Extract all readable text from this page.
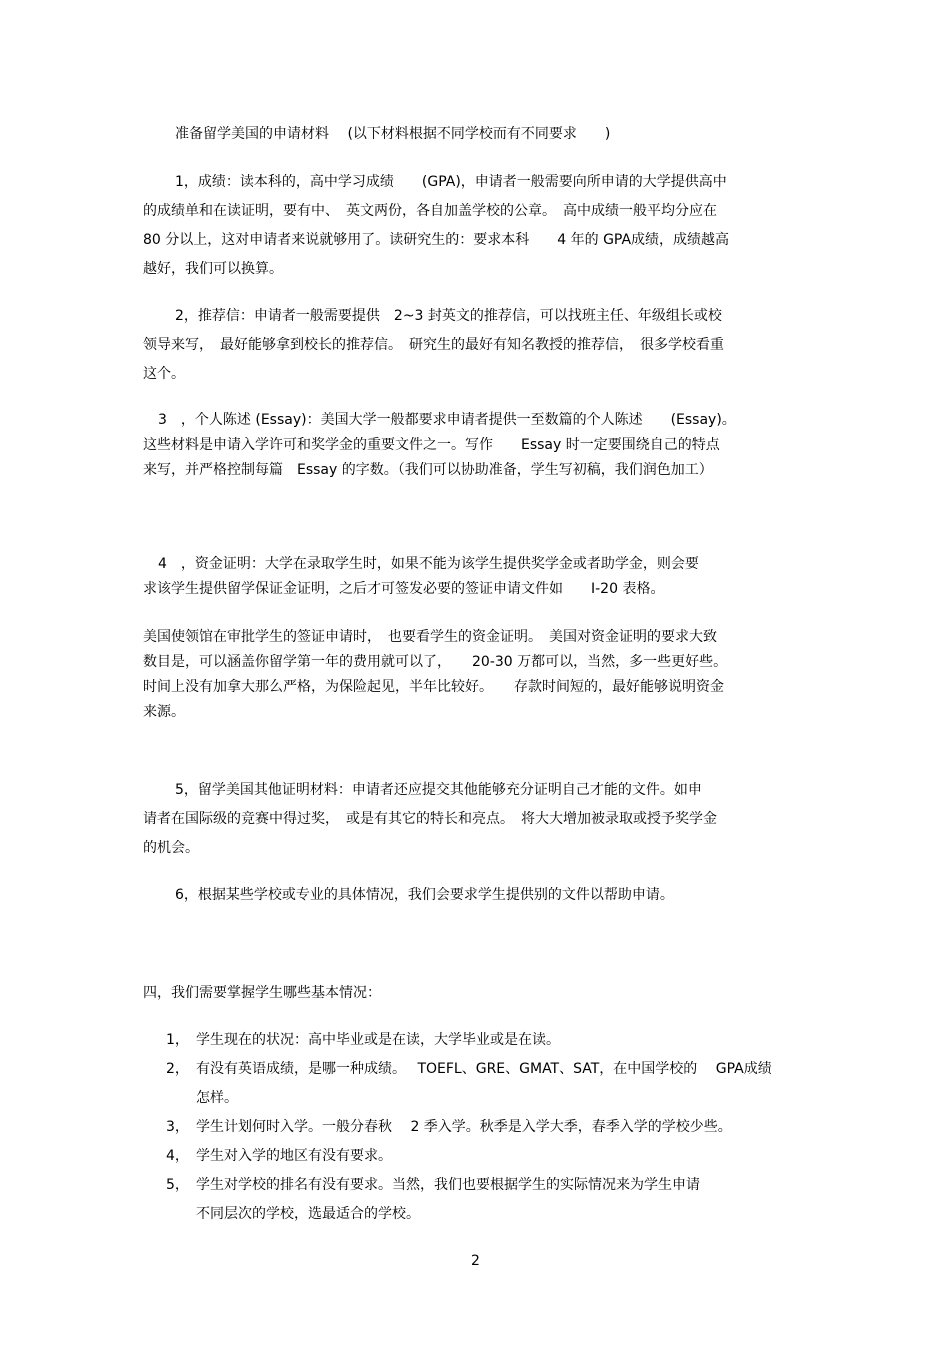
准备留学美国的申请材料　 (以下材料根据不同学校而有不同要求　　)
1，成绩：读本科的，高中学习成绩　　(GPA)，申请者一般需要向所申请的大学提供高中
的成绩单和在读证明，要有中、　英文两份，各自加盖学校的公章。　高中成绩一般平均分应在
80 分以上，这对申请者来说就够用了。读研究生的：要求本科　　4 年的 GPA成绩，成绩越高
越好，我们可以换算。
2，推荐信：申请者一般需要提供　2~3 封英文的推荐信，可以找班主任、年级组长或校
领导来写，　最好能够拿到校长的推荐信。　研究生的最好有知名教授的推荐信，　很多学校看重
这个。
3　，个人陈述 (Essay)：美国大学一般都要求申请者提供一至数篇的个人陈述　　(Essay)。
这些材料是申请入学许可和奖学金的重要文件之一。写作　　Essay 时一定要围绕自己的特点
来写，并严格控制每篇　Essay 的字数。（我们可以协助准备，学生写初稿，我们润色加工）
4　，资金证明：大学在录取学生时，如果不能为该学生提供奖学金或者助学金，则会要
求该学生提供留学保证金证明，之后才可签发必要的签证申请文件如　　I-20 表格。
美国使领馆在审批学生的签证申请时，　也要看学生的资金证明。　美国对资金证明的要求大致
数目是，可以涵盖你留学第一年的费用就可以了，　　20-30 万都可以，当然，多一些更好些。
时间上没有加拿大那么严格，为保险起见，半年比较好。　　存款时间短的，最好能够说明资金
来源。
5，留学美国其他证明材料：申请者还应提交其他能够充分证明自己才能的文件。如申
请者在国际级的竞赛中得过奖，　或是有其它的特长和亮点。　将大大增加被录取或授予奖学金
的机会。
6，根据某些学校或专业的具体情况，我们会要求学生提供别的文件以帮助申请。
四，我们需要掌握学生哪些基本情况：
1， 学生现在的状况：高中毕业或是在读，大学毕业或是在读。
2， 有没有英语成绩，是哪一种成绩。　 TOEFL、GRE、GMAT、SAT，在中国学校的　 GPA成绩
怎样。
3， 学生计划何时入学。一般分春秋　 2 季入学。秋季是入学大季，春季入学的学校少些。
4， 学生对入学的地区有没有要求。
5， 学生对学校的排名有没有要求。当然，我们也要根据学生的实际情况来为学生申请
不同层次的学校，选最适合的学校。
2
